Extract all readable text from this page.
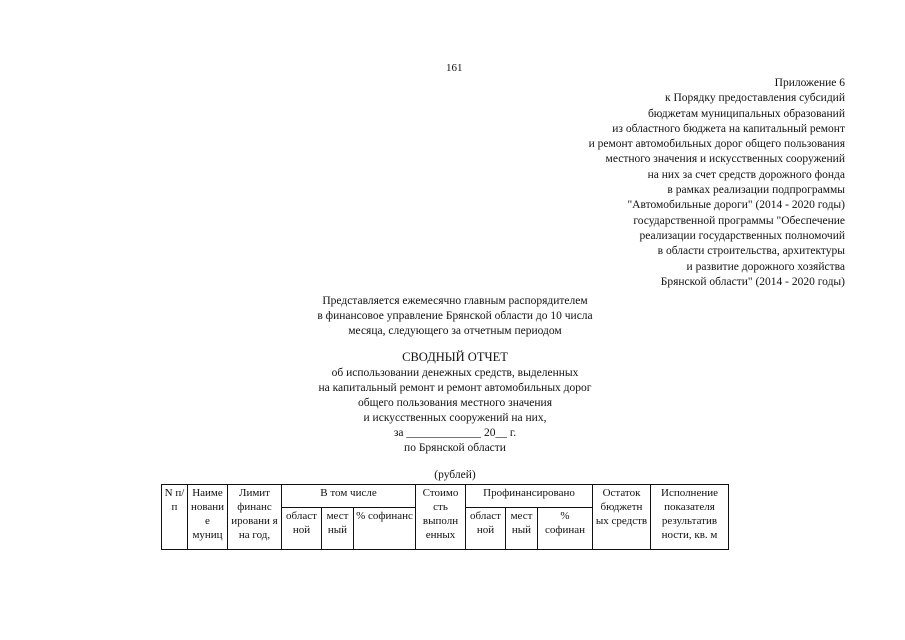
161
Приложение 6
к Порядку предоставления субсидий
бюджетам муниципальных образований
из областного бюджета на капитальный ремонт
и ремонт автомобильных дорог общего пользования
местного значения и искусственных сооружений
на них за счет средств дорожного фонда
в рамках реализации подпрограммы
"Автомобильные дороги" (2014 - 2020 годы)
государственной программы "Обеспечение
реализации государственных полномочий
в области строительства, архитектуры
и развитие дорожного хозяйства
Брянской области" (2014 - 2020 годы)
Представляется ежемесячно главным распорядителем
в финансовое управление Брянской области до 10 числа
месяца, следующего за отчетным периодом
СВОДНЫЙ ОТЧЕТ
об использовании денежных средств, выделенных
на капитальный ремонт и ремонт автомобильных дорог
общего пользования местного значения
и искусственных сооружений на них,
за _____________ 20__ г.
по Брянской области
(рублей)
N п/п	Наиме новани е муниц	Лимит финанс ировани я на год,	В том числе			Стоимо сть выполн енных	Профинансировано			Остаток бюджетн ых средств	Исполнение показателя результатив ности, кв. м
			област ной	мест ный	% софинанс		област ной	мест ный	% софинан		
